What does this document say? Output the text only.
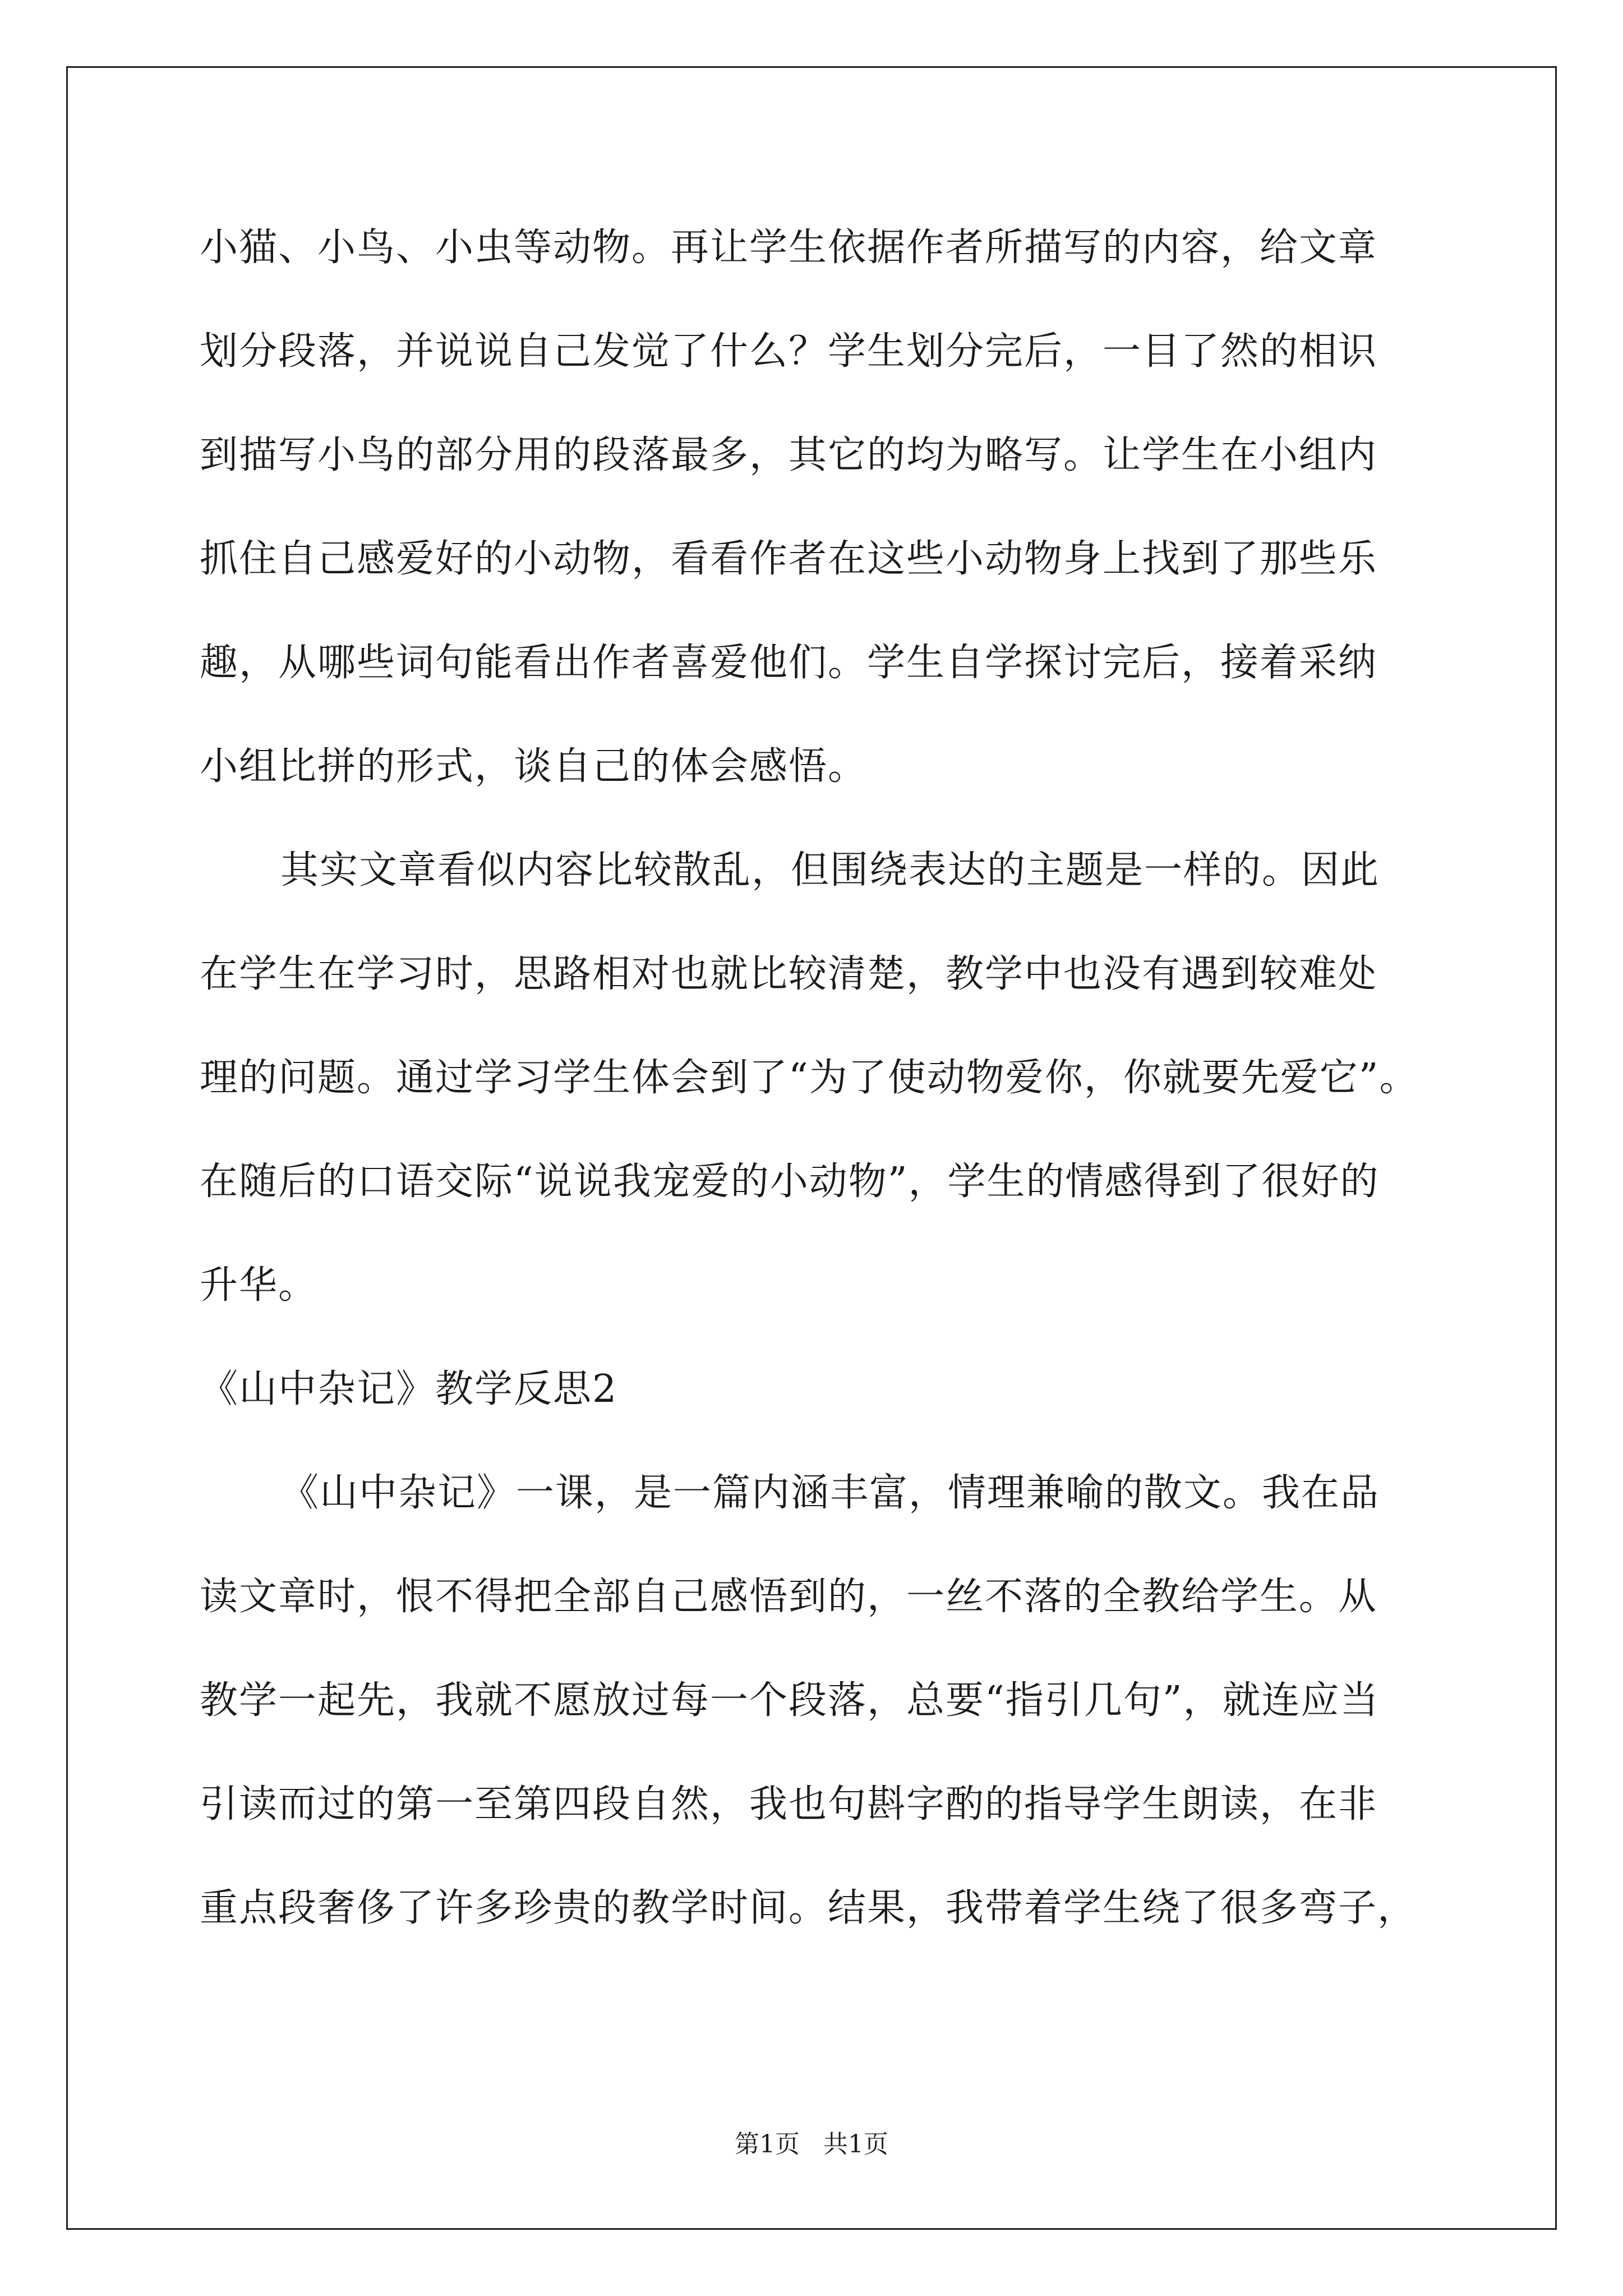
小猫、小鸟、小虫等动物。再让学生依据作者所描写的内容，给文章
划分段落，并说说自己发觉了什么？学生划分完后，一目了然的相识
到描写小鸟的部分用的段落最多，其它的均为略写。让学生在小组内
抓住自己感爱好的小动物，看看作者在这些小动物身上找到了那些乐
趣，从哪些词句能看出作者喜爱他们。学生自学探讨完后，接着采纳
小组比拼的形式，谈自己的体会感悟。
其实文章看似内容比较散乱，但围绕表达的主题是一样的。因此
在学生在学习时，思路相对也就比较清楚，教学中也没有遇到较难处
理的问题。通过学习学生体会到了“为了使动物爱你，你就要先爱它”。
在随后的口语交际“说说我宠爱的小动物”，学生的情感得到了很好的
升华。
《山中杂记》教学反思2
《山中杂记》一课，是一篇内涵丰富，情理兼喻的散文。我在品
读文章时，恨不得把全部自己感悟到的，一丝不落的全教给学生。从
教学一起先，我就不愿放过每一个段落，总要“指引几句”，就连应当
引读而过的第一至第四段自然，我也句斟字酌的指导学生朗读，在非
重点段奢侈了许多珍贵的教学时间。结果，我带着学生绕了很多弯子，
第1页   共1页
